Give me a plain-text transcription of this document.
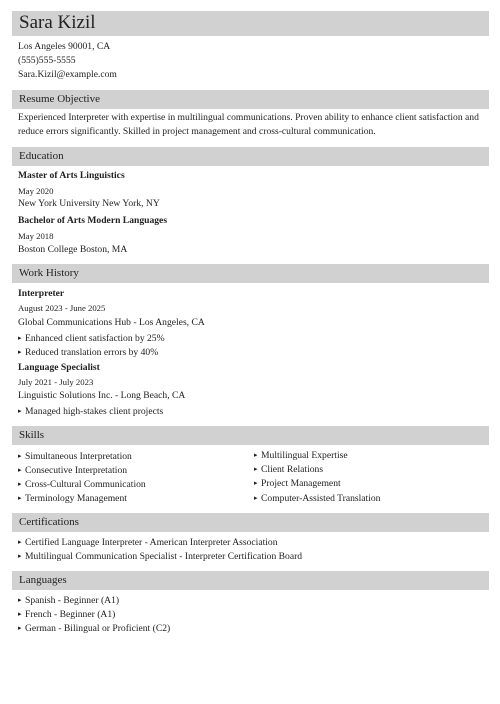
Sara Kizil
Los Angeles 90001, CA
(555)555-5555
Sara.Kizil@example.com
Resume Objective
Experienced Interpreter with expertise in multilingual communications. Proven ability to enhance client satisfaction and
reduce errors significantly. Skilled in project management and cross-cultural communication.
Education
Master of Arts Linguistics
May 2020
New York University New York, NY
Bachelor of Arts Modern Languages
May 2018
Boston College Boston, MA
Work History
Interpreter
August 2023 - June 2025
Global Communications Hub - Los Angeles, CA
▸ Enhanced client satisfaction by 25%
▸ Reduced translation errors by 40%
Language Specialist
July 2021 - July 2023
Linguistic Solutions Inc. - Long Beach, CA
▸ Managed high-stakes client projects
Skills
▸ Simultaneous Interpretation
▸ Consecutive Interpretation
▸ Cross-Cultural Communication
▸ Terminology Management
▸ Multilingual Expertise
▸ Client Relations
▸ Project Management
▸ Computer-Assisted Translation
Certifications
▸ Certified Language Interpreter - American Interpreter Association
▸ Multilingual Communication Specialist - Interpreter Certification Board
Languages
▸ Spanish - Beginner (A1)
▸ French - Beginner (A1)
▸ German - Bilingual or Proficient (C2)
